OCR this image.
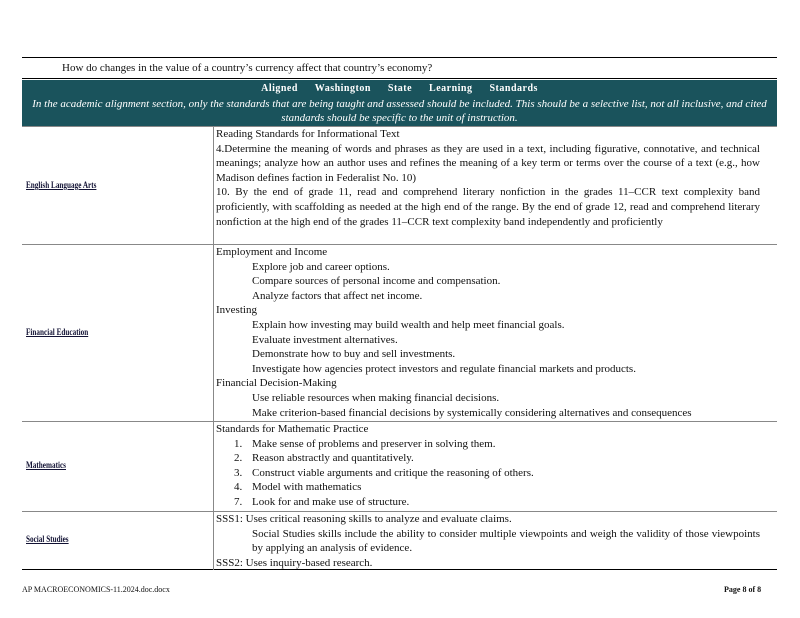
How do changes in the value of a country’s currency affect that country’s economy?
Aligned Washington State Learning Standards
In the academic alignment section, only the standards that are being taught and assessed should be included. This should be a selective list, not all inclusive, and cited standards should be specific to the unit of instruction.
English Language Arts
Reading Standards for Informational Text
4.Determine the meaning of words and phrases as they are used in a text, including figurative, connotative, and technical meanings; analyze how an author uses and refines the meaning of a key term or terms over the course of a text (e.g., how Madison defines faction in Federalist No. 10)
10. By the end of grade 11, read and comprehend literary nonfiction in the grades 11–CCR text complexity band proficiently, with scaffolding as needed at the high end of the range. By the end of grade 12, read and comprehend literary nonfiction at the high end of the grades 11–CCR text complexity band independently and proficiently
Financial Education
Employment and Income
Explore job and career options.
Compare sources of personal income and compensation.
Analyze factors that affect net income.
Investing
Explain how investing may build wealth and help meet financial goals.
Evaluate investment alternatives.
Demonstrate how to buy and sell investments.
Investigate how agencies protect investors and regulate financial markets and products.
Financial Decision-Making
Use reliable resources when making financial decisions.
Make criterion-based financial decisions by systemically considering alternatives and consequences
Mathematics
Standards for Mathematic Practice
1. Make sense of problems and preserver in solving them.
2. Reason abstractly and quantitatively.
3. Construct viable arguments and critique the reasoning of others.
4. Model with mathematics
7. Look for and make use of structure.
Social Studies
SSS1: Uses critical reasoning skills to analyze and evaluate claims.
Social Studies skills include the ability to consider multiple viewpoints and weigh the validity of those viewpoints by applying an analysis of evidence.
SSS2: Uses inquiry-based research.
AP MACROECONOMICS-11.2024.doc.docx	Page 8 of 8
